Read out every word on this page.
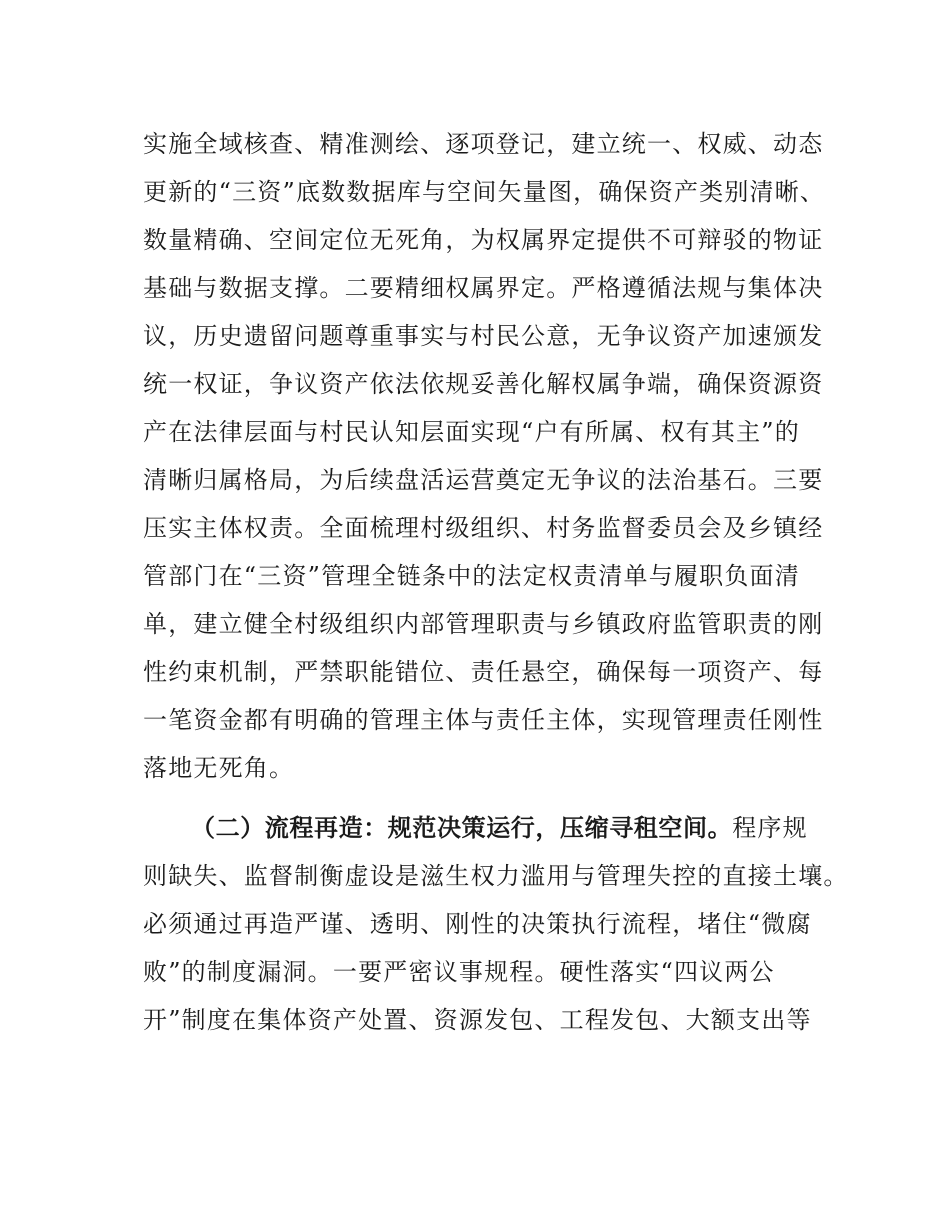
实施全域核查、精准测绘、逐项登记，建立统一、权威、动态
更新的“三资”底数数据库与空间矢量图，确保资产类别清晰、
数量精确、空间定位无死角，为权属界定提供不可辩驳的物证
基础与数据支撑。二要精细权属界定。严格遵循法规与集体决
议，历史遗留问题尊重事实与村民公意，无争议资产加速颁发
统一权证，争议资产依法依规妥善化解权属争端，确保资源资
产在法律层面与村民认知层面实现“户有所属、权有其主”的
清晰归属格局，为后续盘活运营奠定无争议的法治基石。三要
压实主体权责。全面梳理村级组织、村务监督委员会及乡镇经
管部门在“三资”管理全链条中的法定权责清单与履职负面清
单，建立健全村级组织内部管理职责与乡镇政府监管职责的刚
性约束机制，严禁职能错位、责任悬空，确保每一项资产、每
一笔资金都有明确的管理主体与责任主体，实现管理责任刚性
落地无死角。
（二）流程再造：规范决策运行，压缩寻租空间。程序规
则缺失、监督制衡虚设是滋生权力滥用与管理失控的直接土壤。
必须通过再造严谨、透明、刚性的决策执行流程，堵住“微腐
败”的制度漏洞。一要严密议事规程。硬性落实“四议两公
开”制度在集体资产处置、资源发包、工程发包、大额支出等
